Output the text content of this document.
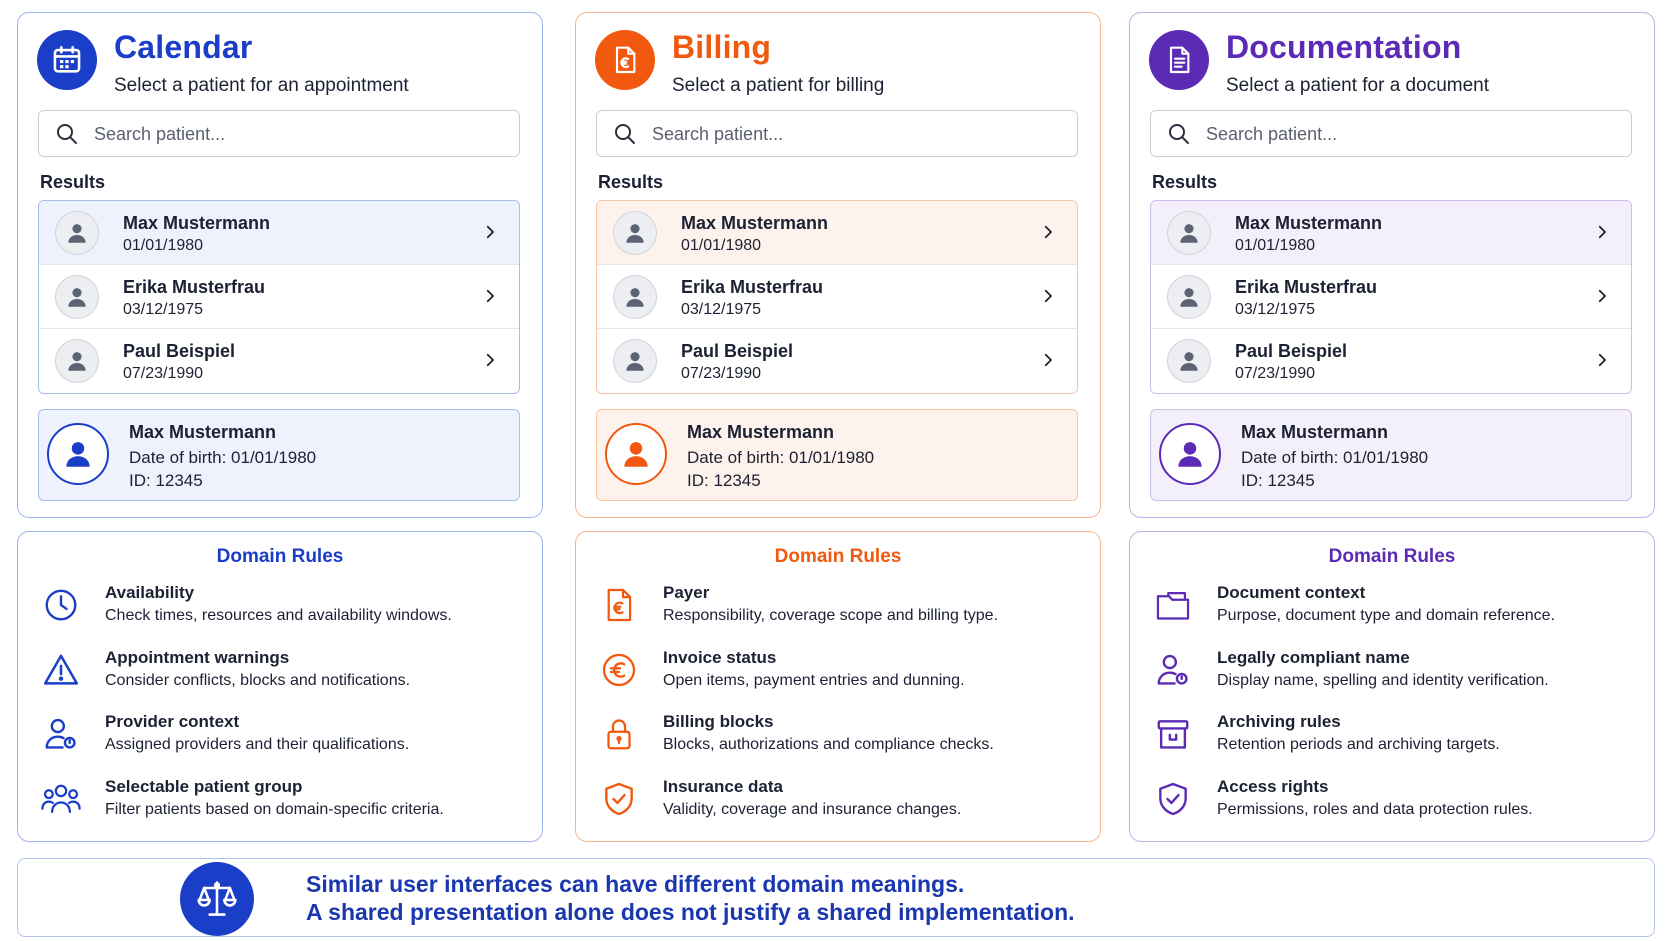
Calendar
Select a patient for an appointment
Search patient...
Results
Max Mustermann
01/01/1980
Erika Musterfrau
03/12/1975
Paul Beispiel
07/23/1990
Max Mustermann
Date of birth: 01/01/1980
ID: 12345
Domain Rules
Availability
Check times, resources and availability windows.
Appointment warnings
Consider conflicts, blocks and notifications.
Provider context
Assigned providers and their qualifications.
Selectable patient group
Filter patients based on domain-specific criteria.
Billing
Select a patient for billing
Search patient...
Results
Max Mustermann
01/01/1980
Erika Musterfrau
03/12/1975
Paul Beispiel
07/23/1990
Max Mustermann
Date of birth: 01/01/1980
ID: 12345
Domain Rules
Payer
Responsibility, coverage scope and billing type.
Invoice status
Open items, payment entries and dunning.
Billing blocks
Blocks, authorizations and compliance checks.
Insurance data
Validity, coverage and insurance changes.
Documentation
Select a patient for a document
Search patient...
Results
Max Mustermann
01/01/1980
Erika Musterfrau
03/12/1975
Paul Beispiel
07/23/1990
Max Mustermann
Date of birth: 01/01/1980
ID: 12345
Domain Rules
Document context
Purpose, document type and domain reference.
Legally compliant name
Display name, spelling and identity verification.
Archiving rules
Retention periods and archiving targets.
Access rights
Permissions, roles and data protection rules.
Similar user interfaces can have different domain meanings.
A shared presentation alone does not justify a shared implementation.
